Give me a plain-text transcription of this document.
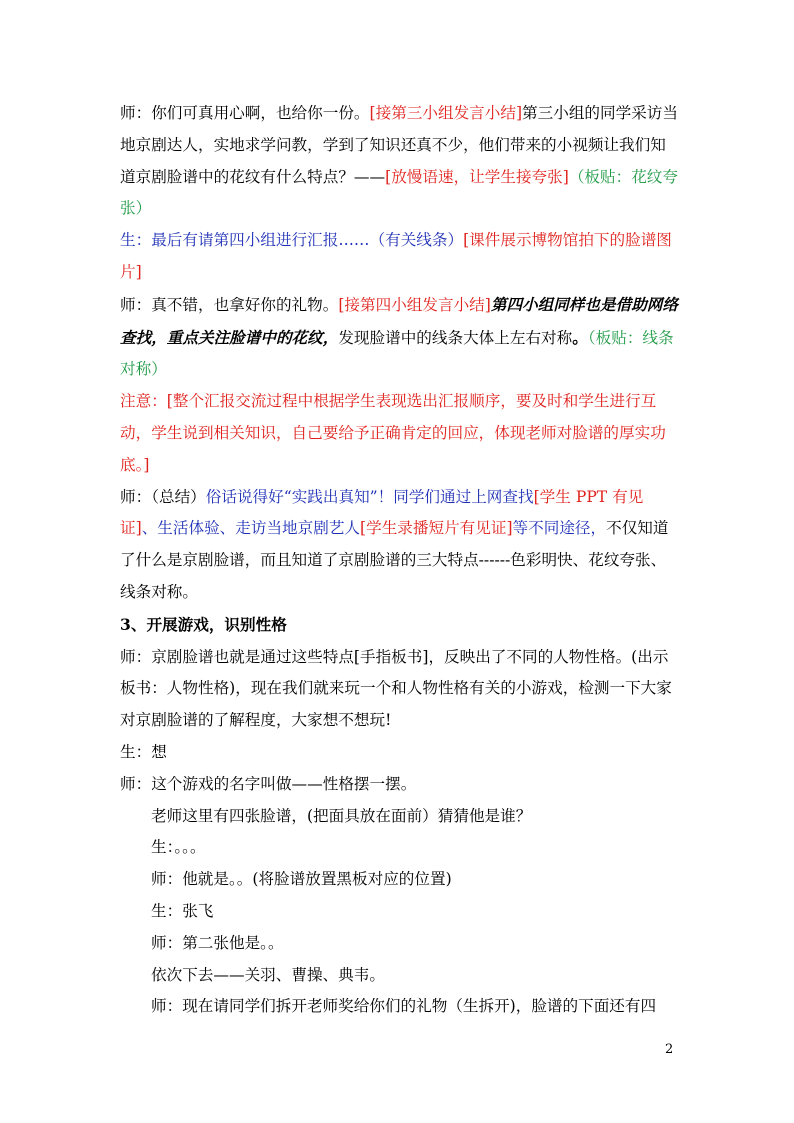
师：你们可真用心啊，也给你一份。[接第三小组发言小结]第三小组的同学采访当地京剧达人，实地求学问教，学到了知识还真不少，他们带来的小视频让我们知道京剧脸谱中的花纹有什么特点？——[放慢语速，让学生接夸张]（板贴：花纹夸张）

生：最后有请第四小组进行汇报……（有关线条）[课件展示博物馆拍下的脸谱图片]

师：真不错，也拿好你的礼物。[接第四小组发言小结]第四小组同样也是借助网络查找，重点关注脸谱中的花纹，发现脸谱中的线条大体上左右对称。（板贴：线条对称）

注意：[整个汇报交流过程中根据学生表现选出汇报顺序，要及时和学生进行互动，学生说到相关知识，自己要给予正确肯定的回应，体现老师对脸谱的厚实功底。]

师：（总结）俗话说得好“实践出真知”！同学们通过上网查找[学生 PPT 有见证]、生活体验、走访当地京剧艺人[学生录播短片有见证]等不同途径，不仅知道了什么是京剧脸谱，而且知道了京剧脸谱的三大特点------色彩明快、花纹夸张、线条对称。

3、开展游戏，识别性格

师：京剧脸谱也就是通过这些特点[手指板书]，反映出了不同的人物性格。(出示板书：人物性格)，现在我们就来玩一个和人物性格有关的小游戏，检测一下大家对京剧脸谱的了解程度，大家想不想玩!

生：想

师：这个游戏的名字叫做——性格摆一摆。

老师这里有四张脸谱，(把面具放在面前）猜猜他是谁？

生：。。。

师：他就是。。(将脸谱放置黑板对应的位置)

生：张飞

师：第二张他是。。

依次下去——关羽、曹操、典韦。

师：现在请同学们拆开老师奖给你们的礼物（生拆开)，脸谱的下面还有四

2
